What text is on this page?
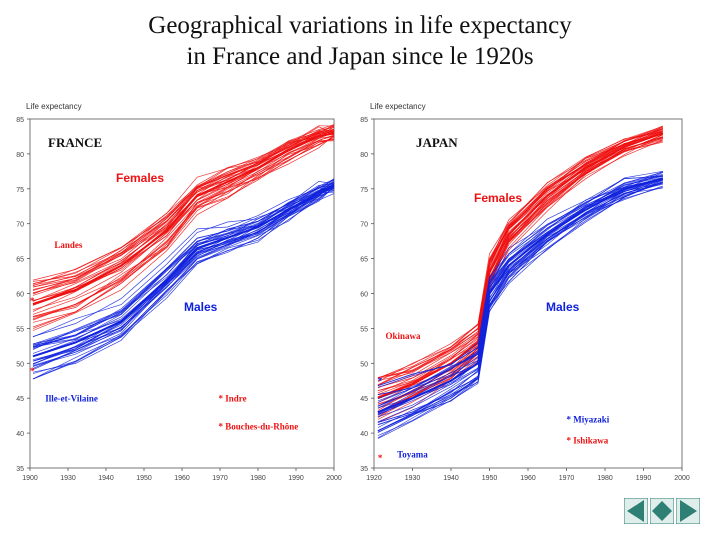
Geographical variations in life expectancy
in France and Japan since le 1920s
Life expectancy
85
80
75
70
65
60
55
50
45
40
35
1900	1930	1940	1950	1960	1970	1980	1990	2000
FRANCE
Females
Males
Landes
Ille-et-Vilaine	* Indre
* Bouches-du-Rhône
*
*
Life expectancy
85
80
75
70
65
60
55
50
45
40
35
1920	1930	1940	1950	1960	1970	1980	1990	2000
JAPAN
Females
Males
Okinawa
Toyama
* Miyazaki
* Ishikawa
*
*
